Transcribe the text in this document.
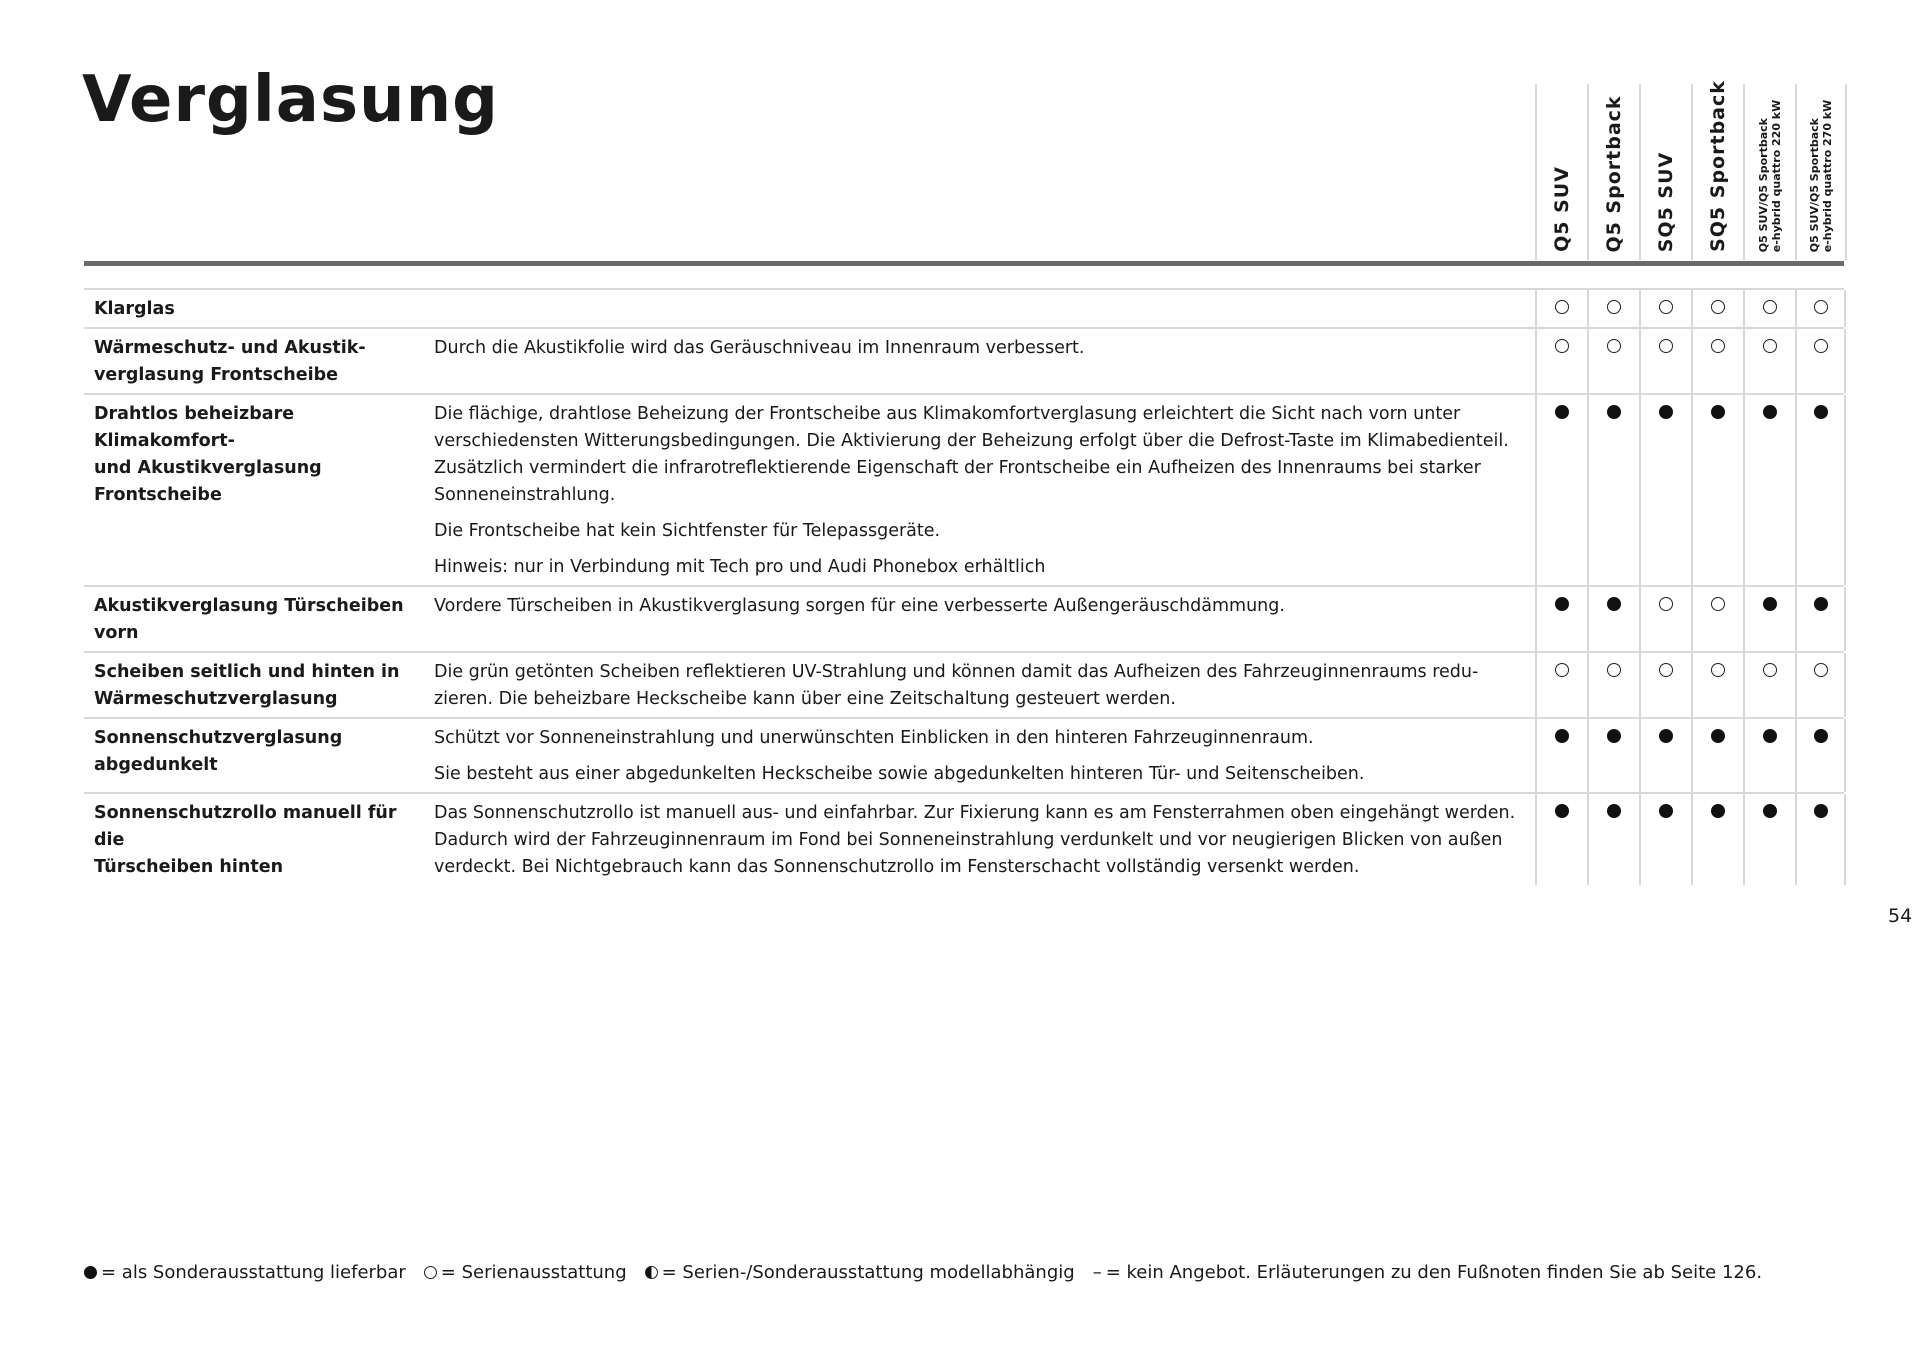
Verglasung
Q5 SUV Q5 Sportback SQ5 SUV SQ5 Sportback	Q5 SUV/Q5 Sportback
e-hybrid quattro 220 kW
Q5 SUV/Q5 Sportback
e-hybrid quattro 270 kW
Klarglas
Wärmeschutz- und Akustik-
verglasung Frontscheibe

Durch die Akustikfolie wird das Geräuschniveau im Innenraum verbessert.

Drahtlos beheizbare Klimakomfort-
und Akustikverglasung Frontscheibe

Die flächige, drahtlose Beheizung der Frontscheibe aus Klimakomfortverglasung erleichtert die Sicht nach vorn unter verschiedensten Witterungsbedingungen. Die Aktivierung der Beheizung erfolgt über die Defrost-Taste im Klimabedienteil. Zusätzlich vermindert die infrarotreflektierende Eigenschaft der Frontscheibe ein Aufheizen des Innenraums bei starker Sonneneinstrahlung.

Die Frontscheibe hat kein Sichtfenster für Telepassgeräte.

Hinweis: nur in Verbindung mit Tech pro und Audi Phonebox erhältlich

Akustikverglasung Türscheiben vorn

Vordere Türscheiben in Akustikverglasung sorgen für eine verbesserte Außengeräuschdämmung.

Scheiben seitlich und hinten in
Wärmeschutzverglasung

Die grün getönten Scheiben reflektieren UV-Strahlung und können damit das Aufheizen des Fahrzeuginnenraums redu-
zieren. Die beheizbare Heckscheibe kann über eine Zeitschaltung gesteuert werden.

Sonnenschutzverglasung
abgedunkelt

Schützt vor Sonneneinstrahlung und unerwünschten Einblicken in den hinteren Fahrzeuginnenraum.

Sie besteht aus einer abgedunkelten Heckscheibe sowie abgedunkelten hinteren Tür- und Seitenscheiben.

Sonnenschutzrollo manuell für die
Türscheiben hinten

Das Sonnenschutzrollo ist manuell aus- und einfahrbar. Zur Fixierung kann es am Fensterrahmen oben eingehängt werden. Dadurch wird der Fahrzeuginnenraum im Fond bei Sonneneinstrahlung verdunkelt und vor neugierigen Blicken von außen verdeckt. Bei Nichtgebrauch kann das Sonnenschutzrollo im Fensterschacht vollständig versenkt werden.

54
= als Sonderausstattung lieferbar = Serienausstattung = Serien-/Sonderausstattung modellabhängig – = kein Angebot. Erläuterungen zu den Fußnoten finden Sie ab Seite 126.
